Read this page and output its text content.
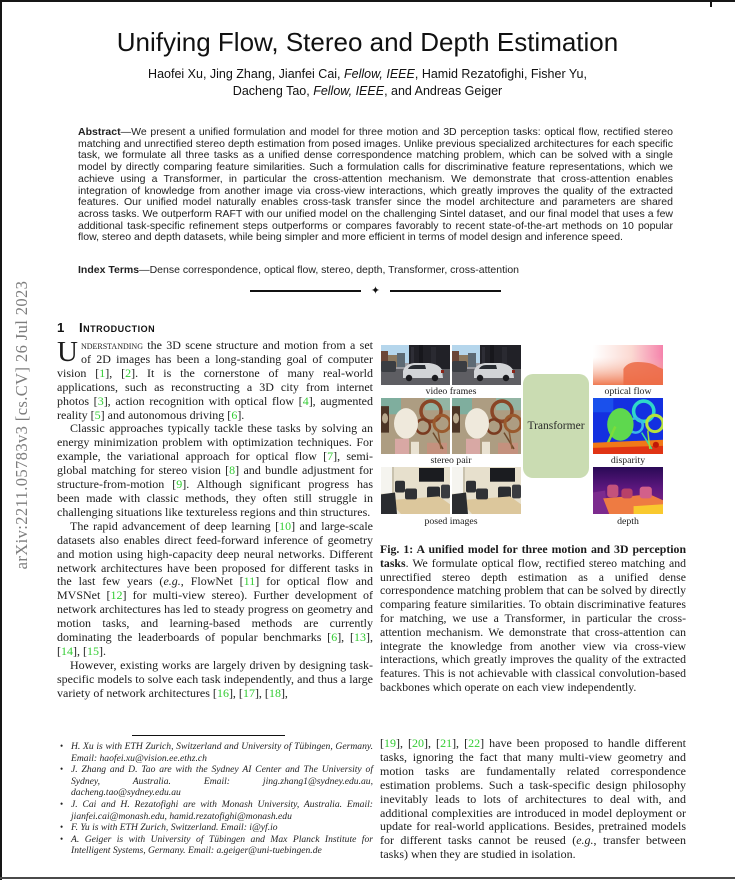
arXiv:2211.05783v3 [cs.CV] 26 Jul 2023
Unifying Flow, Stereo and Depth Estimation
Haofei Xu, Jing Zhang, Jianfei Cai, Fellow, IEEE, Hamid Rezatofighi, Fisher Yu,
Dacheng Tao, Fellow, IEEE, and Andreas Geiger
Abstract—We present a unified formulation and model for three motion and 3D perception tasks: optical flow, rectified stereo matching and unrectified stereo depth estimation from posed images. Unlike previous specialized architectures for each specific task, we formulate all three tasks as a unified dense correspondence matching problem, which can be solved with a single model by directly comparing feature similarities. Such a formulation calls for discriminative feature representations, which we achieve using a Transformer, in particular the cross-attention mechanism. We demonstrate that cross-attention enables integration of knowledge from another image via cross-view interactions, which greatly improves the quality of the extracted features. Our unified model naturally enables cross-task transfer since the model architecture and parameters are shared across tasks. We outperform RAFT with our unified model on the challenging Sintel dataset, and our final model that uses a few additional task-specific refinement steps outperforms or compares favorably to recent state-of-the-art methods on 10 popular flow, stereo and depth datasets, while being simpler and more efficient in terms of model design and inference speed.
Index Terms—Dense correspondence, optical flow, stereo, depth, Transformer, cross-attention
✦
1 Introduction

Understanding the 3D scene structure and motion from a set of 2D images has been a long-standing goal of computer vision [1], [2]. It is the cornerstone of many real-world applications, such as reconstructing a 3D city from internet photos [3], action recognition with optical flow [4], augmented reality [5] and autonomous driving [6].

Classic approaches typically tackle these tasks by solving an energy minimization problem with optimization techniques. For example, the variational approach for optical flow [7], semi-global matching for stereo vision [8] and bundle adjustment for structure-from-motion [9]. Although significant progress has been made with classic methods, they often still struggle in challenging situations like textureless regions and thin structures.

The rapid advancement of deep learning [10] and large-scale datasets also enables direct feed-forward inference of geometry and motion using high-capacity deep neural networks. Different network architectures have been proposed for different tasks in the last few years (e.g., FlowNet [11] for optical flow and MVSNet [12] for multi-view stereo). Further development of network architectures has led to steady progress on geometry and motion tasks, and learning-based methods are currently dominating the leaderboards of popular benchmarks [6], [13], [14], [15].

However, existing works are largely driven by designing task-specific models to solve each task independently, and thus a large variety of network architectures [16], [17], [18],

• H. Xu is with ETH Zurich, Switzerland and University of Tübingen, Germany. Email: haofei.xu@vision.ee.ethz.ch
• J. Zhang and D. Tao are with the Sydney AI Center and The University of Sydney, Australia. Email: jing.zhang1@sydney.edu.au, dacheng.tao@sydney.edu.au
• J. Cai and H. Rezatofighi are with Monash University, Australia. Email: jianfei.cai@monash.edu, hamid.rezatofighi@monash.edu
• F. Yu is with ETH Zurich, Switzerland. Email: i@yf.io
• A. Geiger is with University of Tübingen and Max Planck Institute for Intelligent Systems, Germany. Email: a.geiger@uni-tuebingen.de
video frames	optical flow
stereo pair	disparity
posed images	depth
Transformer
Fig. 1: A unified model for three motion and 3D perception tasks. We formulate optical flow, rectified stereo matching and unrectified stereo depth estimation as a unified dense correspondence matching problem that can be solved by directly comparing feature similarities. To obtain discriminative features for matching, we use a Transformer, in particular the cross-attention mechanism. We demonstrate that cross-attention can integrate the knowledge from another view via cross-view interactions, which greatly improves the quality of the extracted features. This is not achievable with classical convolution-based backbones which operate on each view independently.
[19], [20], [21], [22] have been proposed to handle different tasks, ignoring the fact that many multi-view geometry and motion tasks are fundamentally related correspondence estimation problems. Such a task-specific design philosophy inevitably leads to lots of architectures to deal with, and additional complexities are introduced in model deployment or update for real-world applications. Besides, pretrained models for different tasks cannot be reused (e.g., transfer between tasks) when they are studied in isolation.
